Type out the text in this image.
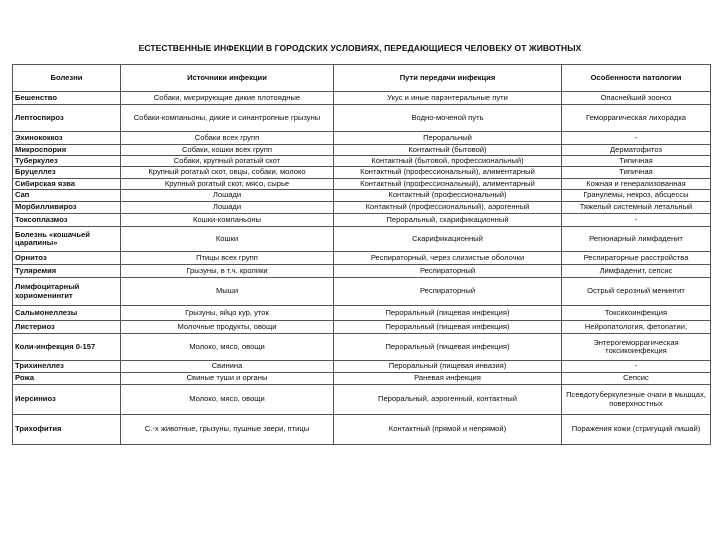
ЕСТЕСТВЕННЫЕ ИНФЕКЦИИ В ГОРОДСКИХ УСЛОВИЯХ, ПЕРЕДАЮЩИЕСЯ ЧЕЛОВЕКУ ОТ ЖИВОТНЫХ
Болезни	Источники инфекции	Пути передачи инфекция	Особенности патологии
Бешенство	Собаки, мигрирующие дикие плотоядные	Укус и иные парэнтеральные пути	Опаснейший зооноз
Лептоспироз	Собаки-компаньоны, дикие и синантропные грызуны	Водно-моченой путь	Геморрагическая лихорадка
Эхинококкоз	Собаки всех групп	Пероральный	-
Микроспория	Собаки, кошки всех групп	Контактный (бытовой)	Дерматофитоз
Туберкулез	Собаки, крупный рогатый скот	Контактный (бытовой, профессиональный)	Типичная
Бруцеллез	Крупный рогатый скот, овцы, собаки, молоко	Контактный (профессиональный), алиментарный	Типичная
Сибирская язва	Крупный рогатый скот, мясо, сырье	Контактный (профессиональный), алиментарный	Кожная и генерализованная
Сап	Лошади	Контактный (профессиональный)	Гранулемы, некроз, абсцессы
Морбилливироз	Лошади	Контактный (профессиональный), аэрогенный	Тяжелый системный летальный
Токсоплазмоз	Кошки-компаньоны	Пероральный, скарификационный	-
Болезнь «кошачьей царапины»	Кошки	Скарификационный	Регионарный лимфаденит
Орнитоз	Птицы всех групп	Респираторный, через слизистые оболочки	Респираторные расстройства
Туляремия	Грызуны, в т.ч. кролики	Респираторный	Лимфаденит, сепсис
Лимфоцитарный хориоменингит	Мыши	Респираторный	Острый серозный менингит
Сальмонеллезы	Грызуны, яйцо кур, уток	Пероральный (пищевая инфекция)	Токсикоинфекция
Листериоз	Молочные продукты, овощи	Пероральный (пищевая инфекция)	Нейропатология, фетопатии,
Коли-инфекция 0-157	Молоко, мясо, овощи	Пероральный (пищевая инфекция)	Энтерогеморрагическая токсикоинфекция
Трихинеллез	Свинина	Пероральный (пищевая инвазия)	-
Рожа	Свиные туши и органы	Раневая инфекция	Сепсис
Иерсиниоз	Молоко, мясо, овощи	Пероральный, аэрогенный, контактный	Псевдотуберкулезные очаги в мышцах, поверхностных
Трихофития	С.-х животные, грызуны, пушные звери, птицы	Контактный (прямой и непрямой)	Поражения кожи (стригущий лишай)
